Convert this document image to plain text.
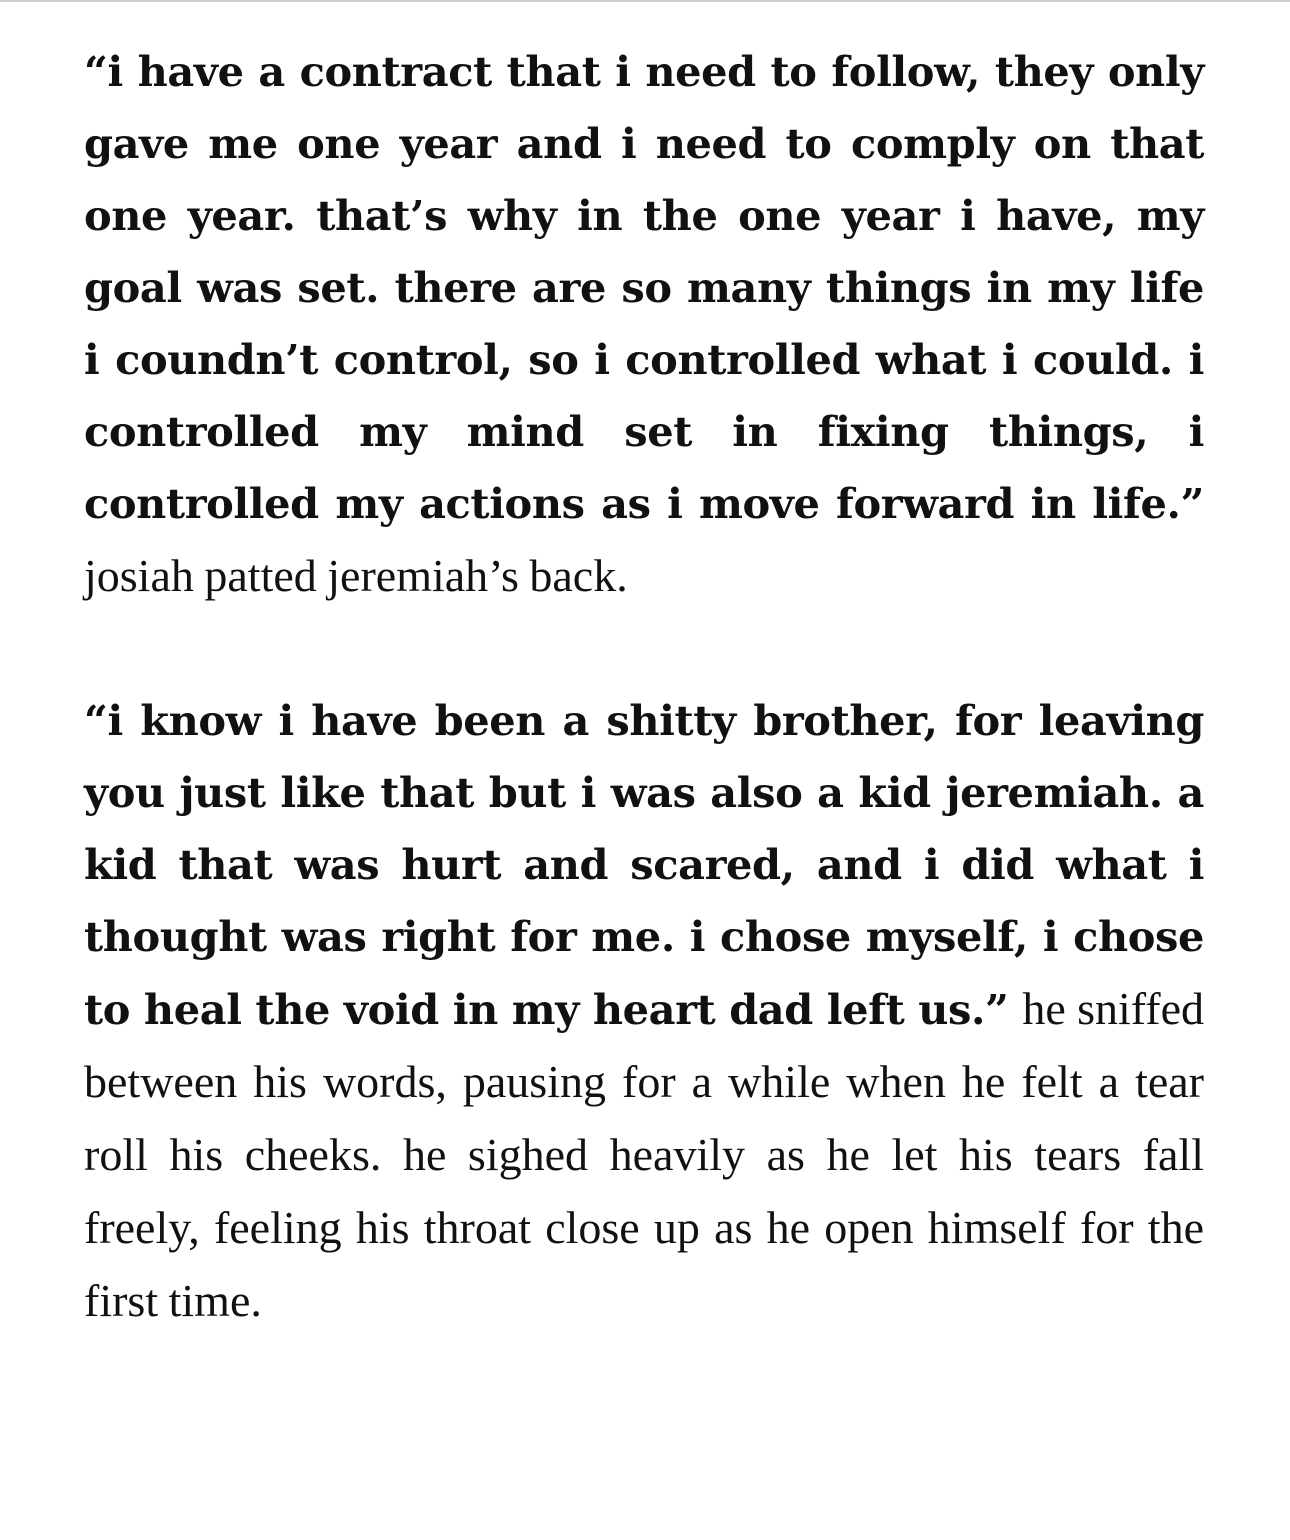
“i have a contract that i need to follow, they only gave me one year and i need to comply on that one year. that’s why in the one year i have, my goal was set. there are so many things in my life i coundn’t control, so i controlled what i could. i controlled my mind set in fixing things, i controlled my actions as i move forward in life.” josiah patted jeremiah’s back.

“i know i have been a shitty brother, for leaving you just like that but i was also a kid jeremiah. a kid that was hurt and scared, and i did what i thought was right for me. i chose myself, i chose to heal the void in my heart dad left us.” he sniffed between his words, pausing for a while when he felt a tear roll his cheeks. he sighed heavily as he let his tears fall freely, feeling his throat close up as he open himself for the first time.
